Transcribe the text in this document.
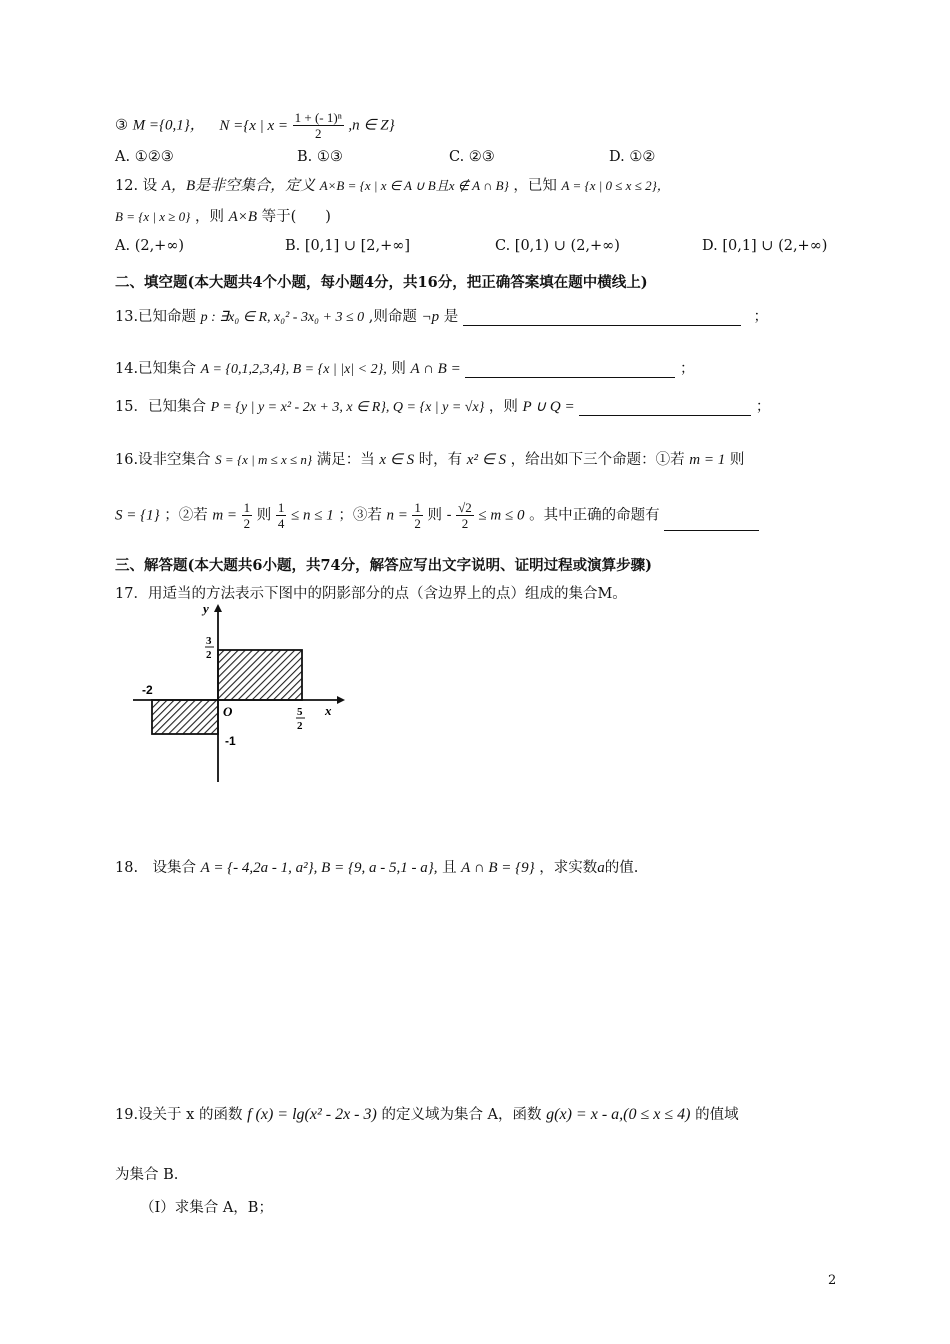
③ M ={0,1}， N ={x | $x = \frac{\text{1 + (- 1)ⁿ}}{2} ,n$ ∈ Z}
A. ①②③	B. ①③	C. ②③	D. ①②
12. 设 A，B是非空集合，定义 A×B = {x | x ∈ A ∪ B且x ∉ A ∩ B} ，已知 A = {x | 0 ≤ x ≤ 2}，
B = {x | x ≥ 0} ，则 A×B 等于(　　)
A. (2,+∞)	B. [0,1] ∪ [2,+∞]	C. [0,1) ∪ (2,+∞)	D. [0,1] ∪ (2,+∞)
二、填空题(本大题共4个小题，每小题4分，共16分，把正确答案填在题中横线上)
13.已知命题 p : ∃x₀ ∈ R, x₀² - 3x₀ + 3 ≤ 0 ,则命题 ¬p 是	；
14.已知集合 A = {0,1,2,3,4}, B = {x | |x| < 2}, 则 A ∩ B =	；
15．已知集合 P = {y | y = x² - 2x + 3, x ∈ R}, Q = {x | y = √x} ，则 P ∪ Q =	；
16.设非空集合 S = {x | m ≤ x ≤ n} 满足：当 x ∈ S 时，有 x² ∈ S ，给出如下三个命题：①若 m = 1 则
S = {1} ；②若 $m = \frac{1}{2}$ 则 $\frac{1}{4} \le n \le 1$ ；③若 $n = \frac{1}{2}$ 则 - $\frac{√2}{2} \le m \le 0$ 。其中正确的命题有
三、解答题(本大题共6小题，共74分，解答应写出文字说明、证明过程或演算步骤)
17．用适当的方法表示下图中的阴影部分的点（含边界上的点）组成的集合M。
y
x
O
-2
-1
3
2
5
2
18.　设集合 A = {- 4,2a - 1, a²}, B = {9, a - 5,1 - a}, 且 A ∩ B = {9} ，求实数a的值.
19.设关于 x 的函数 f (x) = lg(x² - 2x - 3) 的定义域为集合 A，函数 g(x) = x - a,(0 ≤ x ≤ 4) 的值域
为集合 B.
（Ⅰ）求集合 A，B；
2
